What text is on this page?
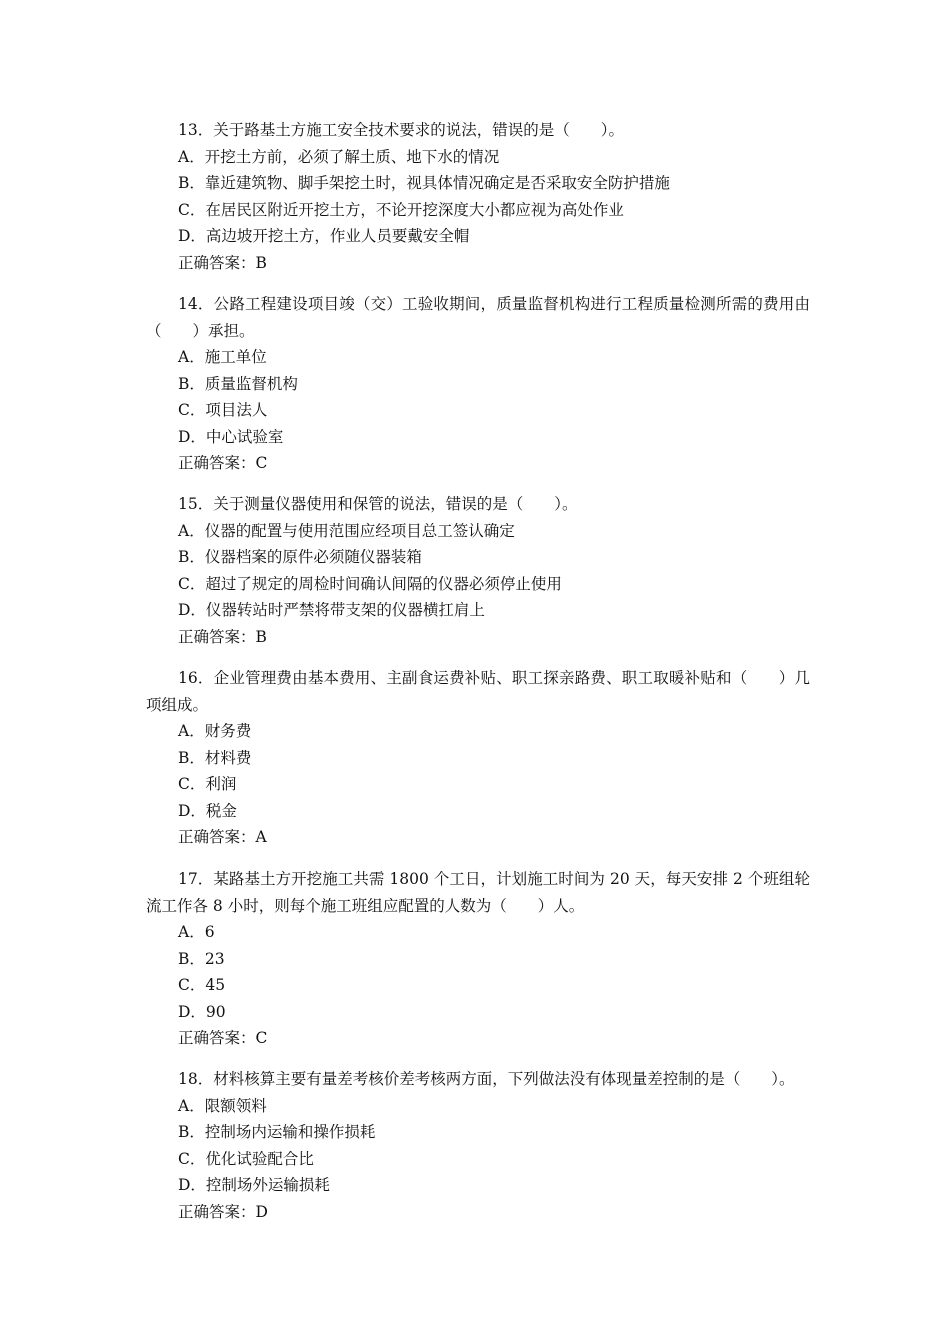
13．关于路基土方施工安全技术要求的说法，错误的是（　　）。
A．开挖土方前，必须了解土质、地下水的情况
B．靠近建筑物、脚手架挖土时，视具体情况确定是否采取安全防护措施
C．在居民区附近开挖土方，不论开挖深度大小都应视为高处作业
D．高边坡开挖土方，作业人员要戴安全帽
正确答案：B
14．公路工程建设项目竣（交）工验收期间，质量监督机构进行工程质量检测所需的费用由（　　）承担。
A．施工单位
B．质量监督机构
C．项目法人
D．中心试验室
正确答案：C
15．关于测量仪器使用和保管的说法，错误的是（　　）。
A．仪器的配置与使用范围应经项目总工签认确定
B．仪器档案的原件必须随仪器装箱
C．超过了规定的周检时间确认间隔的仪器必须停止使用
D．仪器转站时严禁将带支架的仪器横扛肩上
正确答案：B
16．企业管理费由基本费用、主副食运费补贴、职工探亲路费、职工取暖补贴和（　　）几项组成。
A．财务费
B．材料费
C．利润
D．税金
正确答案：A
17．某路基土方开挖施工共需 1800 个工日，计划施工时间为 20 天，每天安排 2 个班组轮流工作各 8 小时，则每个施工班组应配置的人数为（　　）人。
A．6
B．23
C．45
D．90
正确答案：C
18．材料核算主要有量差考核价差考核两方面，下列做法没有体现量差控制的是（　　）。
A．限额领料
B．控制场内运输和操作损耗
C．优化试验配合比
D．控制场外运输损耗
正确答案：D
